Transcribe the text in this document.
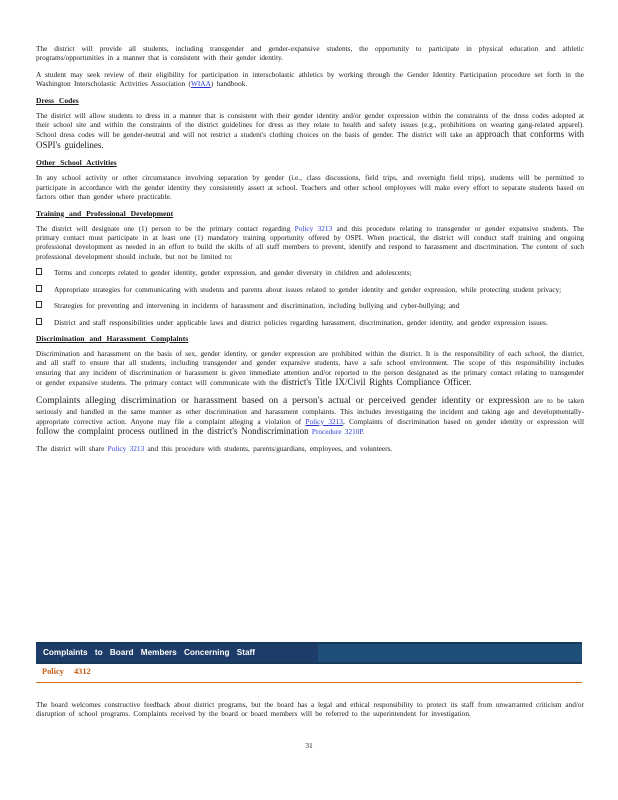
The district will provide all students, including transgender and gender-expansive students, the opportunity to participate in physical education and athletic programs/opportunities in a manner that is consistent with their gender identity.

A student may seek review of their eligibility for participation in interscholastic athletics by working through the Gender Identity Participation procedure set forth in the Washington Interscholastic Activities Association (WIAA) handbook.

Dress Codes

The district will allow students to dress in a manner that is consistent with their gender identity and/or gender expression within the constraints of the dress codes adopted at their school site and within the constraints of the district guidelines for dress as they relate to health and safety issues (e.g., prohibitions on wearing gang-related apparel). School dress codes will be gender-neutral and will not restrict a student's clothing choices on the basis of gender. The district will take an approach that conforms with OSPI's guidelines.

Other School Activities

In any school activity or other circumstance involving separation by gender (i.e., class discussions, field trips, and overnight field trips), students will be permitted to participate in accordance with the gender identity they consistently assert at school. Teachers and other school employees will make every effort to separate students based on factors other than gender where practicable.

Training and Professional Development

The district will designate one (1) person to be the primary contact regarding Policy 3213 and this procedure relating to transgender or gender expansive students. The primary contact must participate in at least one (1) mandatory training opportunity offered by OSPI. When practical, the district will conduct staff training and ongoing professional development as needed in an effort to build the skills of all staff members to prevent, identify and respond to harassment and discrimination. The content of such professional development should include, but not be limited to:

Terms and concepts related to gender identity, gender expression, and gender diversity in children and adolescents;
Appropriate strategies for communicating with students and parents about issues related to gender identity and gender expression, while protecting student privacy;
Strategies for preventing and intervening in incidents of harassment and discrimination, including bullying and cyber-bullying; and
District and staff responsibilities under applicable laws and district policies regarding harassment, discrimination, gender identity, and gender expression issues.
Discrimination and Harassment Complaints

Discrimination and harassment on the basis of sex, gender identity, or gender expression are prohibited within the district. It is the responsibility of each school, the district, and all staff to ensure that all students, including transgender and gender expansive students, have a safe school environment. The scope of this responsibility includes ensuring that any incident of discrimination or harassment is given immediate attention and/or reported to the person designated as the primary contact relating to transgender or gender expansive students. The primary contact will communicate with the district's Title IX/Civil Rights Compliance Officer.

Complaints alleging discrimination or harassment based on a person's actual or perceived gender identity or expression are to be taken seriously and handled in the same manner as other discrimination and harassment complaints. This includes investigating the incident and taking age and developmentally-appropriate corrective action. Anyone may file a complaint alleging a violation of Policy 3213, Complaints of discrimination based on gender identity or expression will follow the complaint process outlined in the district's Nondiscrimination Procedure 3210P.

The district will share Policy 3213 and this procedure with students, parents/guardians, employees, and volunteers.

Complaints to Board Members Concerning Staff
Policy 4312

The board welcomes constructive feedback about district programs, but the board has a legal and ethical responsibility to protect its staff from unwarranted criticism and/or disruption of school programs. Complaints received by the board or board members will be referred to the superintendent for investigation.

31
